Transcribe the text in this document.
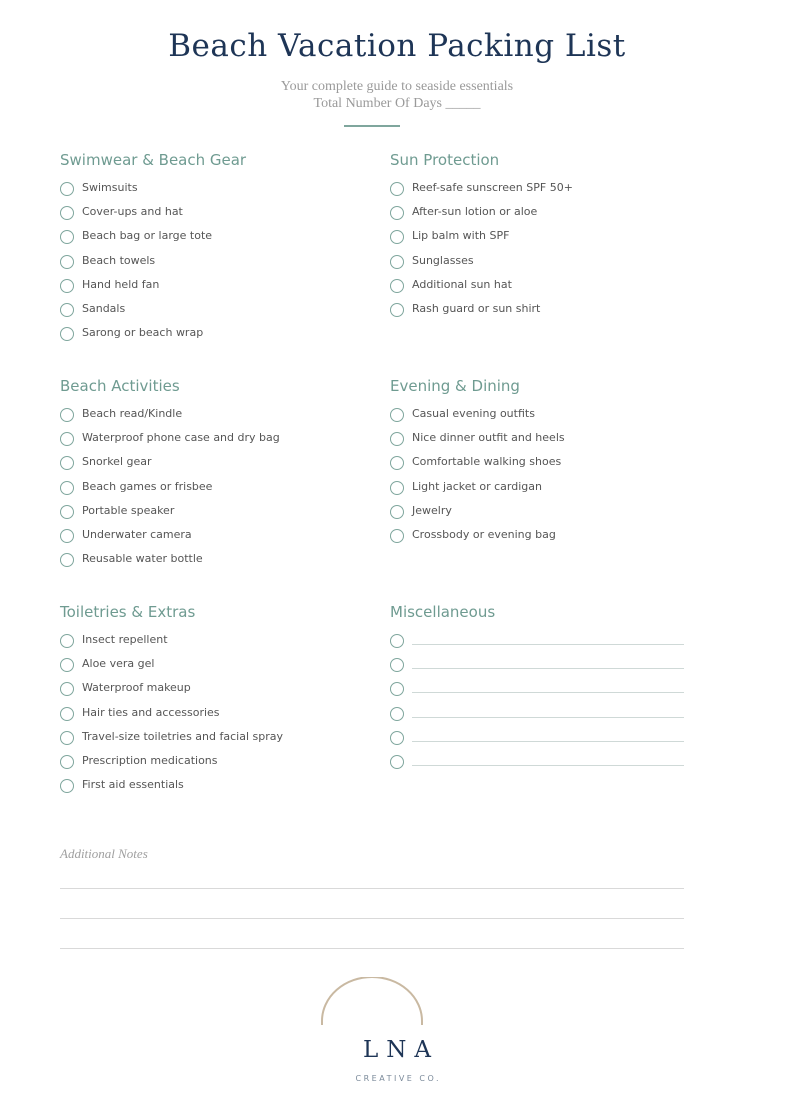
Beach Vacation Packing List
Your complete guide to seaside essentials
Total Number Of Days _____
Swimwear & Beach Gear
Swimsuits
Cover-ups and hat
Beach bag or large tote
Beach towels
Hand held fan
Sandals
Sarong or beach wrap
Sun Protection
Reef-safe sunscreen SPF 50+
After-sun lotion or aloe
Lip balm with SPF
Sunglasses
Additional sun hat
Rash guard or sun shirt
Beach Activities
Beach read/Kindle
Waterproof phone case and dry bag
Snorkel gear
Beach games or frisbee
Portable speaker
Underwater camera
Reusable water bottle
Evening & Dining
Casual evening outfits
Nice dinner outfit and heels
Comfortable walking shoes
Light jacket or cardigan
Jewelry
Crossbody or evening bag
Toiletries & Extras
Insect repellent
Aloe vera gel
Waterproof makeup
Hair ties and accessories
Travel-size toiletries and facial spray
Prescription medications
First aid essentials
Miscellaneous
Additional Notes
LNA
CREATIVE CO.
